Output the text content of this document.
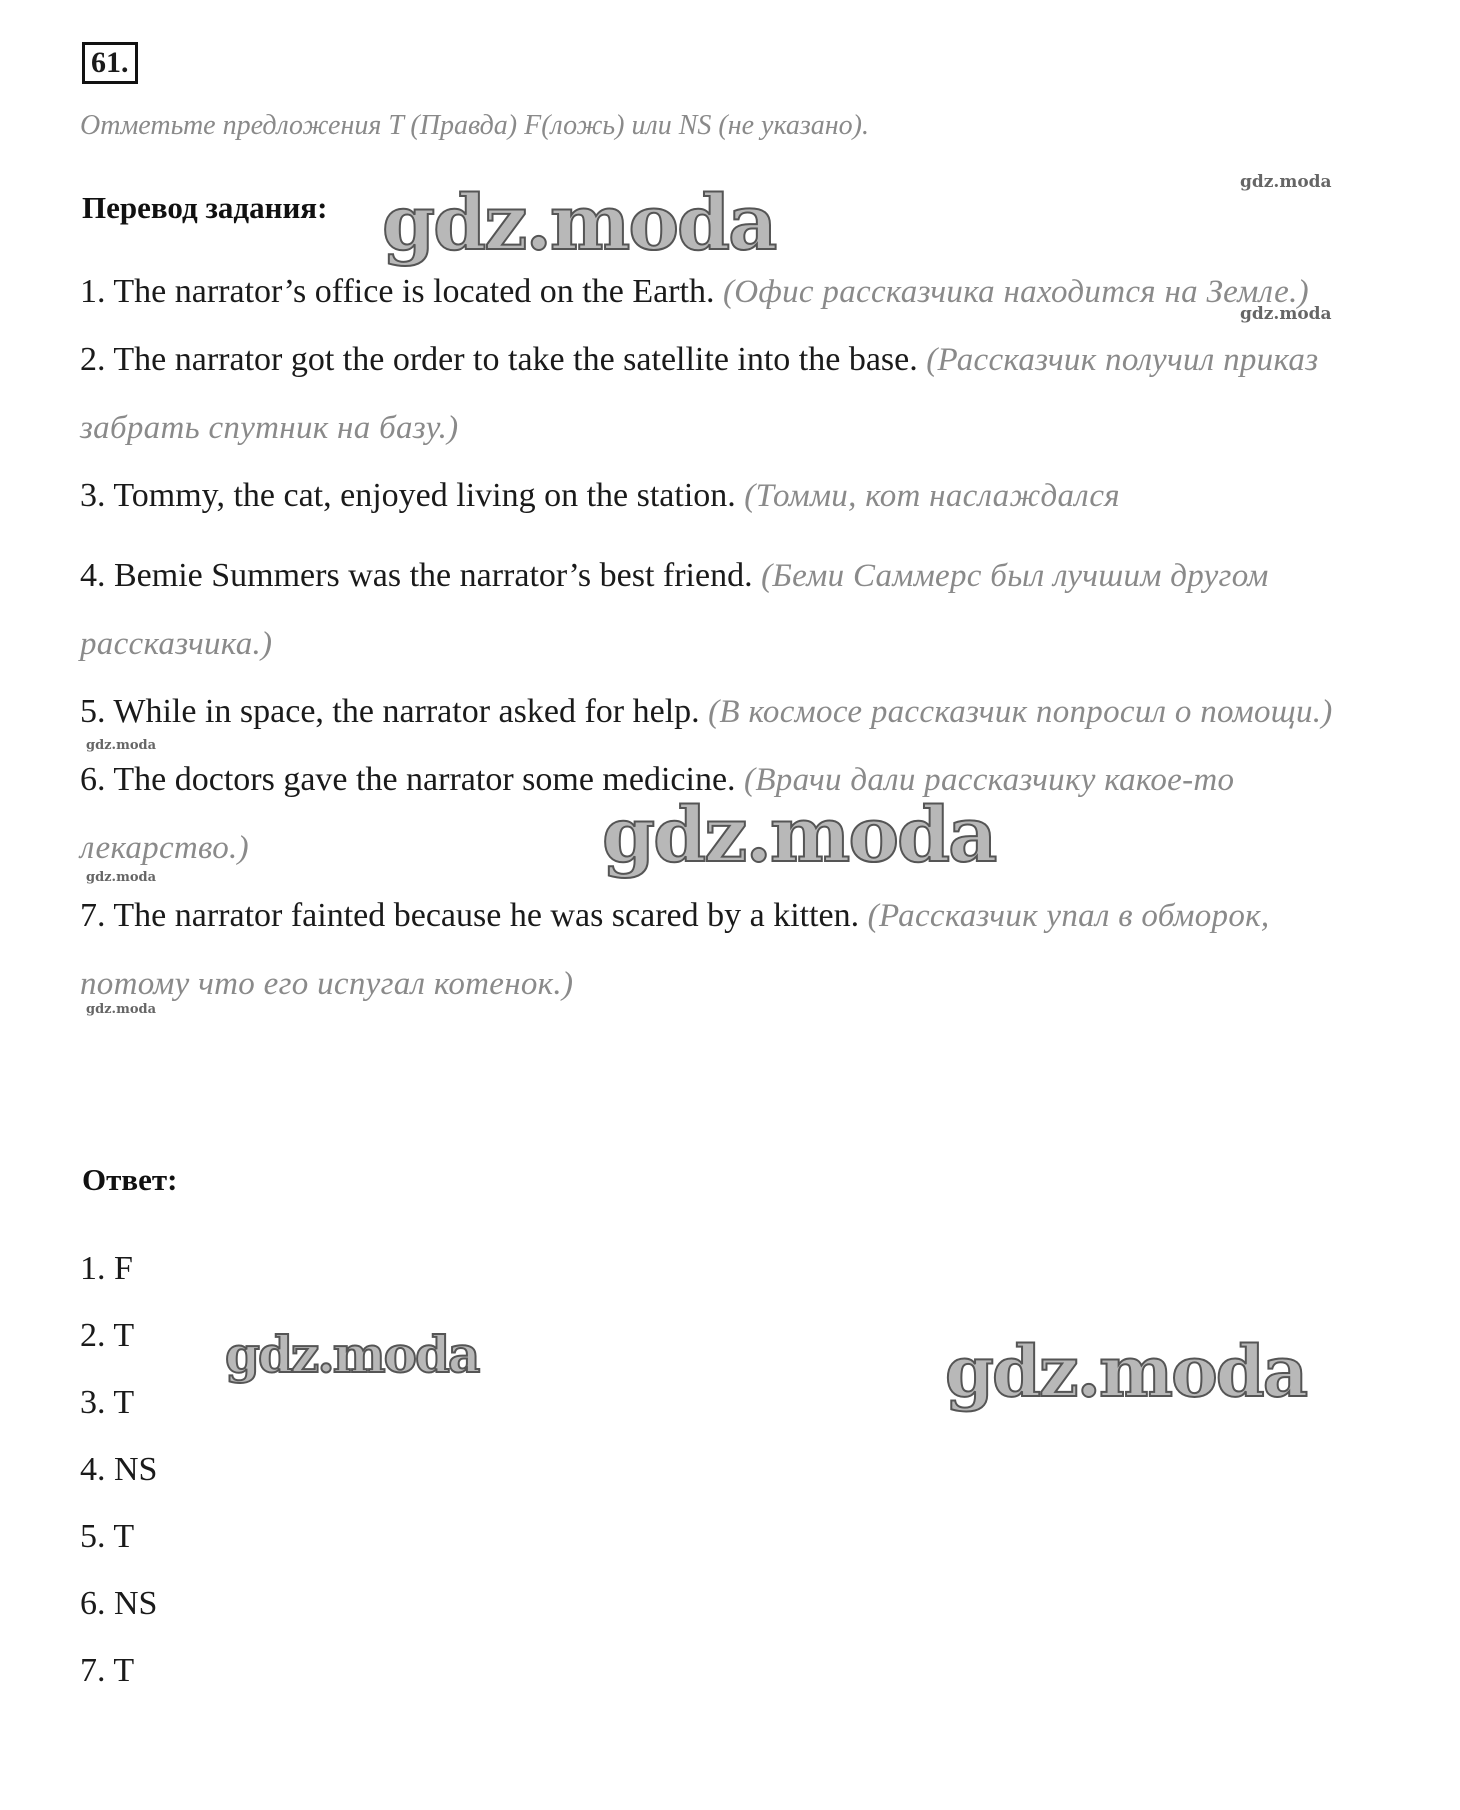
61.
Отметьте предложения T (Правда) F(ложь) или NS (не указано).
Перевод задания:
1. The narrator’s office is located on the Earth. (Офис рассказчика находится на Земле.)
2. The narrator got the order to take the satellite into the base. (Рассказчик получил приказ забрать спутник на базу.)
3. Tommy, the cat, enjoyed living on the station. (Томми, кот наслаждался
4. Bemie Summers was the narrator’s best friend. (Беми Саммерс был лучшим другом рассказчика.)
5. While in space, the narrator asked for help. (В космосе рассказчик попросил о помощи.)
6. The doctors gave the narrator some medicine. (Врачи дали рассказчику какое-то лекарство.)
7. The narrator fainted because he was scared by a kitten. (Рассказчик упал в обморок, потому что его испугал котенок.)
Ответ:
1. F
2. T
3. T
4. NS
5. T
6. NS
7. T
gdz.moda
gdz.moda
gdz.moda	gdz.moda
gdz.moda
gdz.moda
gdz.moda
gdz.moda
gdz.moda
